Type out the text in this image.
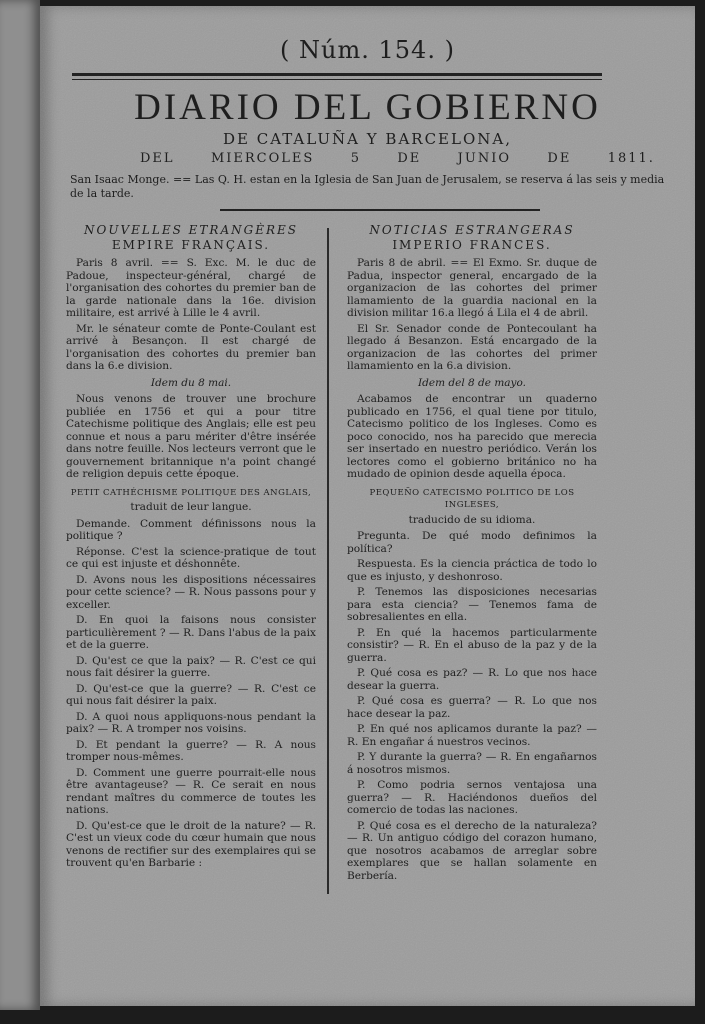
( Núm. 154. )
DIARIO DEL GOBIERNO
DE CATALUÑA Y BARCELONA,
DEL	MIERCOLES	5	DE	JUNIO	DE	1811.
San Isaac Monge. == Las Q. H. estan en la Iglesia de San Juan de Jerusalem, se reserva á las seis y media de la tarde.
NOUVELLES ETRANGÈRES
EMPIRE FRANÇAIS.

Paris 8 avril. == S. Exc. M. le duc de Padoue, inspecteur-général, chargé de l'organisation des cohortes du premier ban de la garde nationale dans la 16e. division militaire, est arrivé à Lille le 4 avril.

Mr. le sénateur comte de Ponte-Coulant est arrivé à Besançon. Il est chargé de l'organisation des cohortes du premier ban dans la 6.e division.

Idem du 8 mai.

Nous venons de trouver une brochure publiée en 1756 et qui a pour titre Catechisme politique des Anglais; elle est peu connue et nous a paru mériter d'être insérée dans notre feuille. Nos lecteurs verront que le gouvernement britannique n'a point changé de religion depuis cette époque.

PETIT CATHÉCHISME POLITIQUE DES ANGLAIS,

traduit de leur langue.

Demande. Comment définissons nous la politique ?

Réponse. C'est la science-pratique de tout ce qui est injuste et déshonnête.

D. Avons nous les dispositions nécessaires pour cette science? — R. Nous passons pour y exceller.

D. En quoi la faisons nous consister particulièrement ? — R. Dans l'abus de la paix et de la guerre.

D. Qu'est ce que la paix? — R. C'est ce qui nous fait désirer la guerre.

D. Qu'est-ce que la guerre? — R. C'est ce qui nous fait désirer la paix.

D. A quoi nous appliquons-nous pendant la paix? — R. A tromper nos voisins.

D. Et pendant la guerre? — R. A nous tromper nous-mêmes.

D. Comment une guerre pourrait-elle nous être avantageuse? — R. Ce serait en nous rendant maîtres du commerce de toutes les nations.

D. Qu'est-ce que le droit de la nature? — R. C'est un vieux code du cœur humain que nous venons de rectifier sur des exemplaires qui se trouvent qu'en Barbarie :

NOTICIAS ESTRANGERAS
IMPERIO FRANCES.

Paris 8 de abril. == El Exmo. Sr. duque de Padua, inspector general, encargado de la organizacion de las cohortes del primer llamamiento de la guardia nacional en la division militar 16.a llegó á Lila el 4 de abril.

El Sr. Senador conde de Pontecoulant ha llegado á Besanzon. Está encargado de la organizacion de las cohortes del primer llamamiento en la 6.a division.

Idem del 8 de mayo.

Acabamos de encontrar un quaderno publicado en 1756, el qual tiene por titulo, Catecismo politico de los Ingleses. Como es poco conocido, nos ha parecido que merecia ser insertado en nuestro periódico. Verán los lectores como el gobierno británico no ha mudado de opinion desde aquella época.

PEQUEÑO CATECISMO POLITICO DE LOS INGLESES,

traducido de su idioma.

Pregunta. De qué modo definimos la política?

Respuesta. Es la ciencia práctica de todo lo que es injusto, y deshonroso.

P. Tenemos las disposiciones necesarias para esta ciencia? — Tenemos fama de sobresalientes en ella.

P. En qué la hacemos particularmente consistir? — R. En el abuso de la paz y de la guerra.

P. Qué cosa es paz? — R. Lo que nos hace desear la guerra.

P. Qué cosa es guerra? — R. Lo que nos hace desear la paz.

P. En qué nos aplicamos durante la paz? — R. En engañar á nuestros vecinos.

P. Y durante la guerra? — R. En engañarnos á nosotros mismos.

P. Como podria sernos ventajosa una guerra? — R. Haciéndonos dueños del comercio de todas las naciones.

P. Qué cosa es el derecho de la naturaleza? — R. Un antiguo código del corazon humano, que nosotros acabamos de arreglar sobre exemplares que se hallan solamente en Berbería.
